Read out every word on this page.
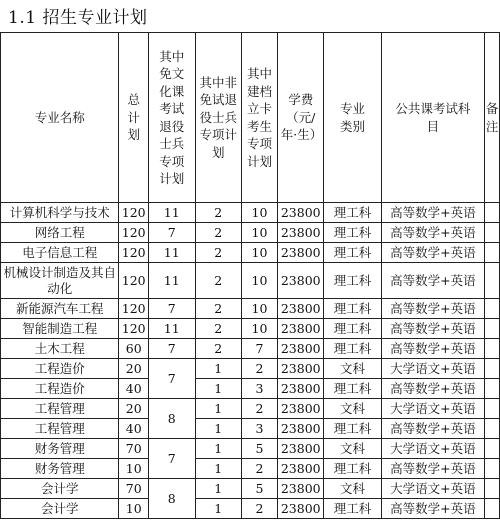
1.1 招生专业计划
专业名称	总计划	其中免文化课考试退役士兵专项计划	其中非免试退役士兵专项计划	其中建档立卡考生专项计划	学费（元/年·生）	专业类别	公共课考试科目	备注
计算机科学与技术	120	11	2	10	23800	理工科	高等数学+英语	
网络工程	120	7	2	10	23800	理工科	高等数学+英语	
电子信息工程	120	11	2	10	23800	理工科	高等数学+英语	
机械设计制造及其自动化	120	11	2	10	23800	理工科	高等数学+英语	
新能源汽车工程	120	7	2	10	23800	理工科	高等数学+英语	
智能制造工程	120	11	2	10	23800	理工科	高等数学+英语	
土木工程	60	7	2	7	23800	理工科	高等数学+英语	
工程造价	20	7	1	2	23800	文科	大学语文+英语	
工程造价	40		1	3	23800	理工科	高等数学+英语	
工程管理	20	8	1	2	23800	文科	大学语文+英语	
工程管理	40		1	3	23800	理工科	高等数学+英语	
财务管理	70	7	1	5	23800	文科	大学语文+英语	
财务管理	10		1	2	23800	理工科	高等数学+英语	
会计学	70	8	1	5	23800	文科	大学语文+英语	
会计学	10		1	2	23800	理工科	高等数学+英语	
